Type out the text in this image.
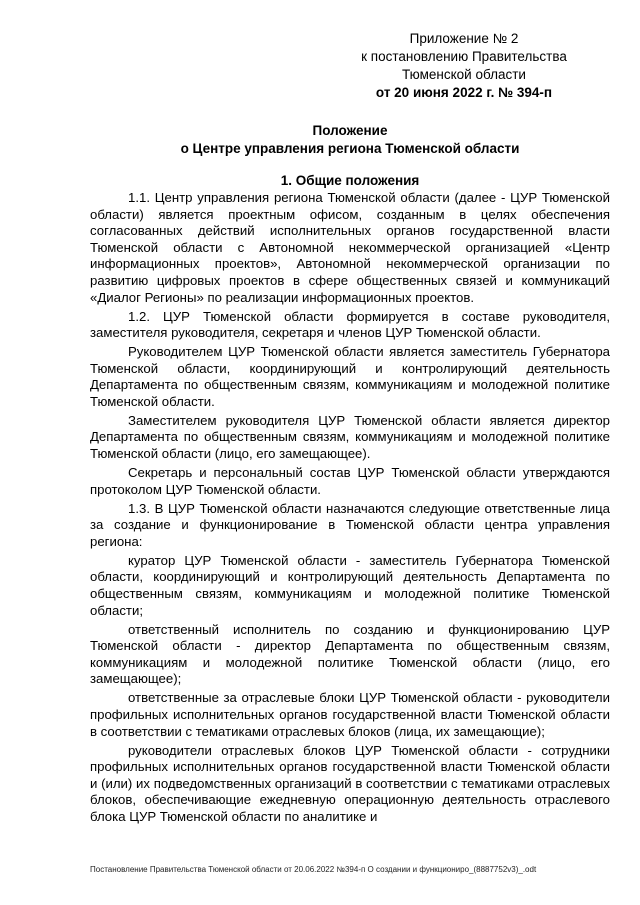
Приложение № 2
к постановлению Правительства
Тюменской области
от 20 июня 2022 г. № 394-п
Положение
о Центре управления региона Тюменской области
1. Общие положения

1.1. Центр управления региона Тюменской области (далее - ЦУР Тюменской области) является проектным офисом, созданным в целях обеспечения согласованных действий исполнительных органов государственной власти Тюменской области с Автономной некоммерческой организацией «Центр информационных проектов», Автономной некоммерческой организации по развитию цифровых проектов в сфере общественных связей и коммуникаций «Диалог Регионы» по реализации информационных проектов.

1.2. ЦУР Тюменской области формируется в составе руководителя, заместителя руководителя, секретаря и членов ЦУР Тюменской области.

Руководителем ЦУР Тюменской области является заместитель Губернатора Тюменской области, координирующий и контролирующий деятельность Департамента по общественным связям, коммуникациям и молодежной политике Тюменской области.

Заместителем руководителя ЦУР Тюменской области является директор Департамента по общественным связям, коммуникациям и молодежной политике Тюменской области (лицо, его замещающее).

Секретарь и персональный состав ЦУР Тюменской области утверждаются протоколом ЦУР Тюменской области.

1.3. В ЦУР Тюменской области назначаются следующие ответственные лица за создание и функционирование в Тюменской области центра управления региона:

куратор ЦУР Тюменской области - заместитель Губернатора Тюменской области, координирующий и контролирующий деятельность Департамента по общественным связям, коммуникациям и молодежной политике Тюменской области;

ответственный исполнитель по созданию и функционированию ЦУР Тюменской области - директор Департамента по общественным связям, коммуникациям и молодежной политике Тюменской области (лицо, его замещающее);

ответственные за отраслевые блоки ЦУР Тюменской области - руководители профильных исполнительных органов государственной власти Тюменской области в соответствии с тематиками отраслевых блоков (лица, их замещающие);

руководители отраслевых блоков ЦУР Тюменской области - сотрудники профильных исполнительных органов государственной власти Тюменской области и (или) их подведомственных организаций в соответствии с тематиками отраслевых блоков, обеспечивающие ежедневную операционную деятельность отраслевого блока ЦУР Тюменской области по аналитике и

Постановление Правительства Тюменской области от 20.06.2022 №394-п О создании и функциониро_(8887752v3)_.odt
